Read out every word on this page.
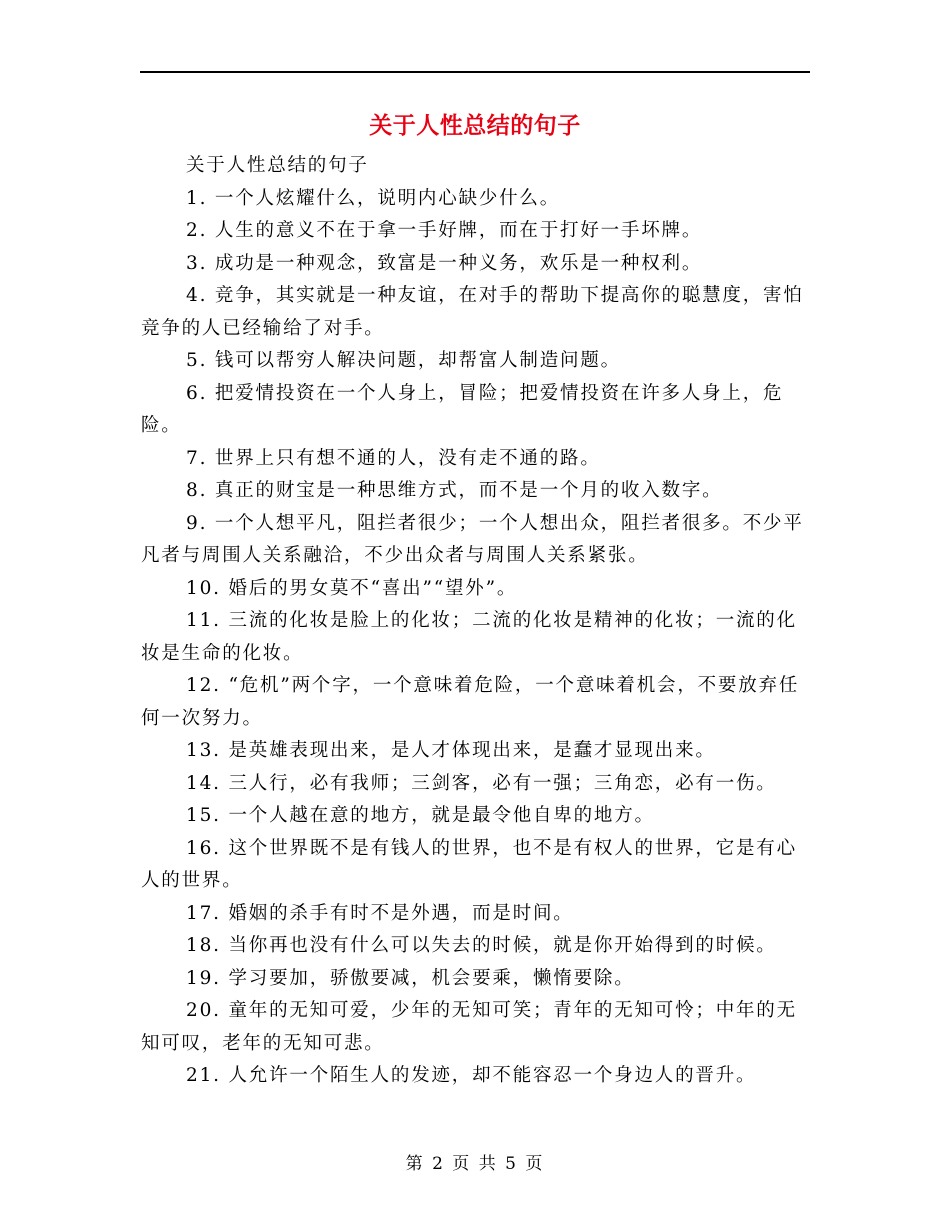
关于人性总结的句子

关于人性总结的句子

1. 一个人炫耀什么，说明内心缺少什么。

2. 人生的意义不在于拿一手好牌，而在于打好一手坏牌。

3. 成功是一种观念，致富是一种义务，欢乐是一种权利。

4. 竞争，其实就是一种友谊，在对手的帮助下提高你的聪慧度，害怕竞争的人已经输给了对手。

5. 钱可以帮穷人解决问题，却帮富人制造问题。

6. 把爱情投资在一个人身上，冒险；把爱情投资在许多人身上，危险。

7. 世界上只有想不通的人，没有走不通的路。

8. 真正的财宝是一种思维方式，而不是一个月的收入数字。

9. 一个人想平凡，阻拦者很少；一个人想出众，阻拦者很多。不少平凡者与周围人关系融洽，不少出众者与周围人关系紧张。

10. 婚后的男女莫不“喜出”“望外”。

11. 三流的化妆是脸上的化妆；二流的化妆是精神的化妆；一流的化妆是生命的化妆。

12. “危机”两个字，一个意味着危险，一个意味着机会，不要放弃任何一次努力。

13. 是英雄表现出来，是人才体现出来，是蠢才显现出来。

14. 三人行，必有我师；三剑客，必有一强；三角恋，必有一伤。

15. 一个人越在意的地方，就是最令他自卑的地方。

16. 这个世界既不是有钱人的世界，也不是有权人的世界，它是有心人的世界。

17. 婚姻的杀手有时不是外遇，而是时间。

18. 当你再也没有什么可以失去的时候，就是你开始得到的时候。

19. 学习要加，骄傲要减，机会要乘，懒惰要除。

20. 童年的无知可爱，少年的无知可笑；青年的无知可怜；中年的无知可叹，老年的无知可悲。

21. 人允许一个陌生人的发迹，却不能容忍一个身边人的晋升。

第 2 页 共 5 页
